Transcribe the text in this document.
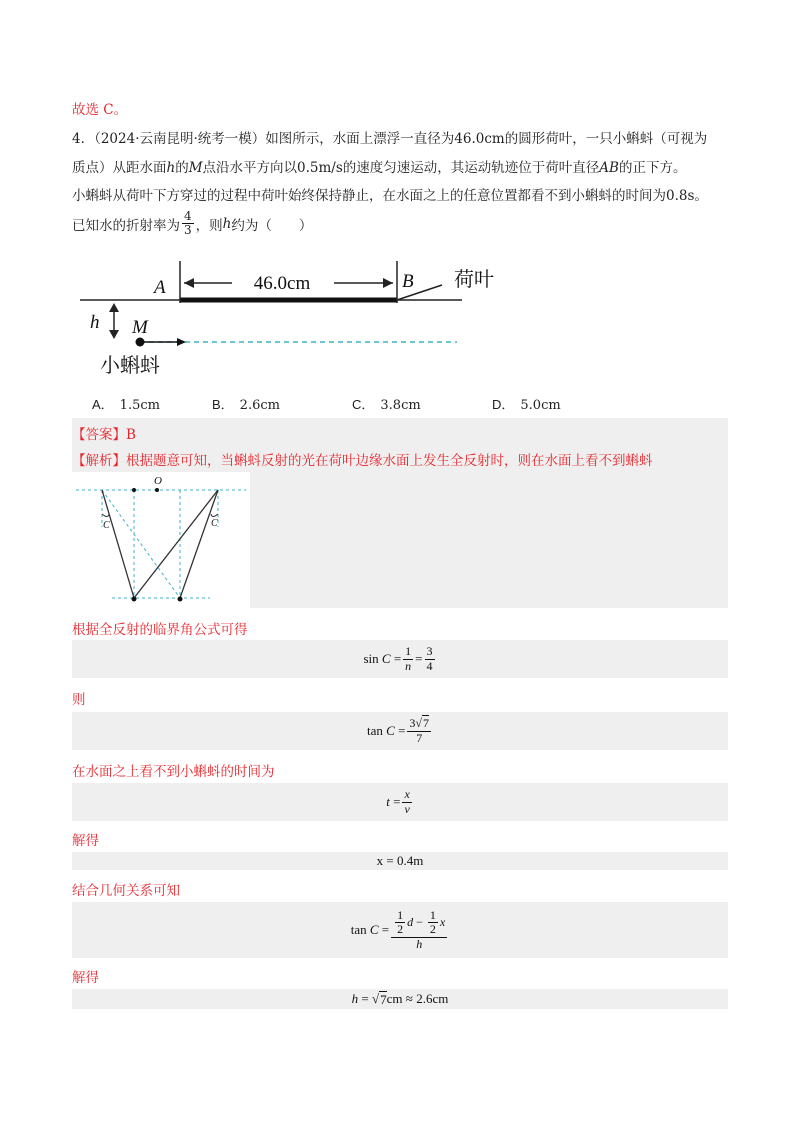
故选 C。
4．（2024·云南昆明·统考一模）如图所示，水面上漂浮一直径为46.0cm的圆形荷叶，一只小蝌蚪（可视为
质点）从距水面h的M点沿水平方向以0.5m/s的速度匀速运动，其运动轨迹位于荷叶直径AB的正下方。
小蝌蚪从荷叶下方穿过的过程中荷叶始终保持静止，在水面之上的任意位置都看不到小蝌蚪的时间为0.8s。
已知水的折射率为 $\frac{4}{3}$ ，则 h 约为（　　）
46.0cm
A	B 荷叶
h M
小蝌蚪
A． 1.5cm	B． 2.6cm	C． 3.8cm	D． 5.0cm
【答案】B
【解析】根据题意可知，当蝌蚪反射的光在荷叶边缘水面上发生全反射时，则在水面上看不到蝌蚪
O
C	C
根据全反射的临界角公式可得
sin
C
= $\frac{1}{n} = \frac{3}{4}$
则
tan
C
= $\frac{3√7}{7}$
在水面之上看不到小蝌蚪的时间为
t
= $\frac{x}{v}$
解得
x = 0.4m
结合几何关系可知
tan
C
= $\frac{1}{2}$ d
−
$\frac{1}{2}$ x
h
解得
h
= √ 7 cm
≈
2.6cm
